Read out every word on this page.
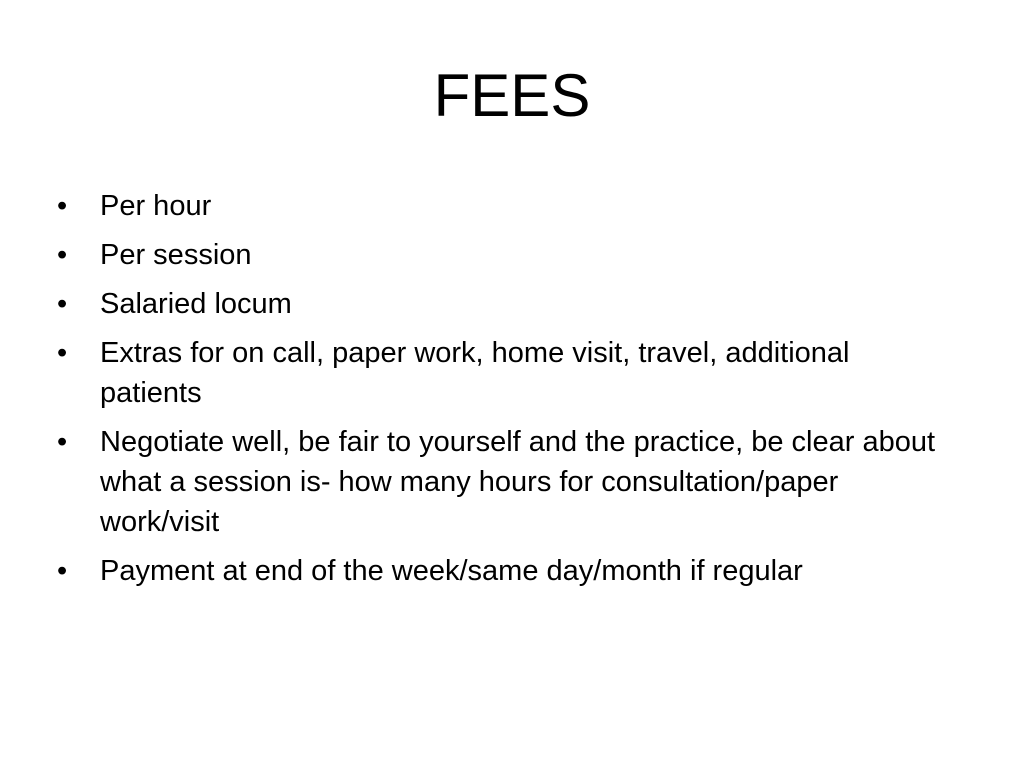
FEES
• Per hour
• Per session
• Salaried locum
• Extras for on call, paper work, home visit, travel, additional patients
• Negotiate well, be fair to yourself and the practice, be clear about what a session is- how many hours for consultation/paper work/visit
• Payment at end of the week/same day/month if regular
